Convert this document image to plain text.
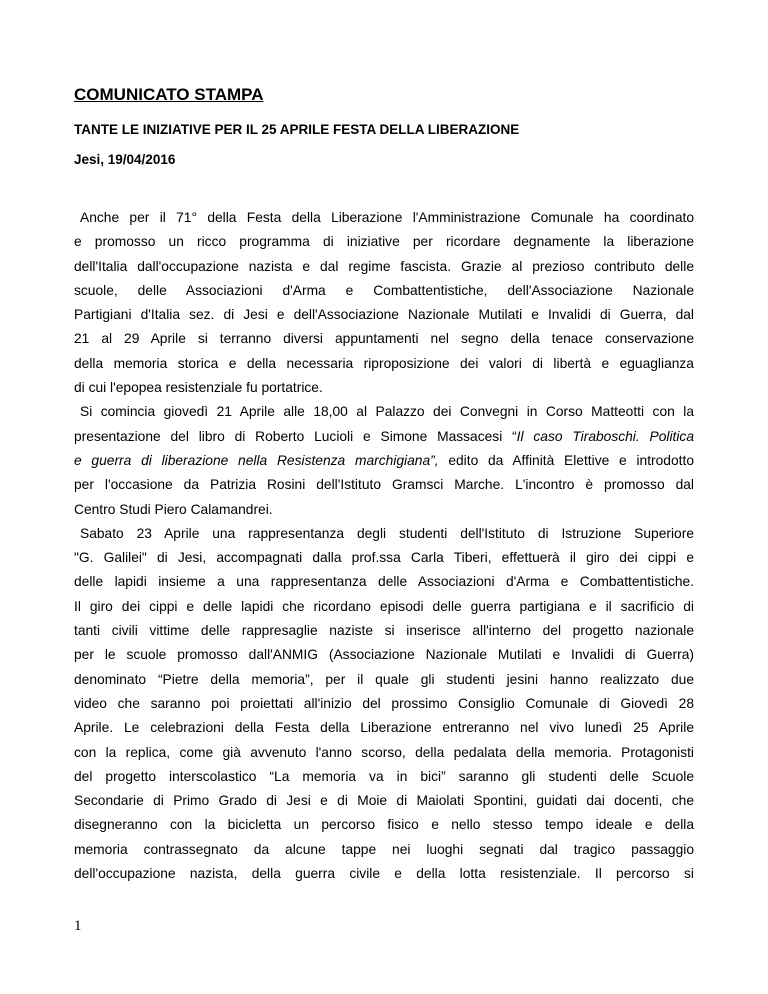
COMUNICATO STAMPA
TANTE LE INIZIATIVE PER IL 25 APRILE FESTA DELLA LIBERAZIONE
Jesi, 19/04/2016
Anche per il 71° della Festa della Liberazione l'Amministrazione Comunale ha coordinato
e promosso un ricco programma di iniziative per ricordare degnamente la liberazione
dell'Italia dall'occupazione nazista e dal regime fascista. Grazie al prezioso contributo delle
scuole, delle Associazioni d'Arma e Combattentistiche, dell'Associazione Nazionale
Partigiani d'Italia sez. di Jesi e dell'Associazione Nazionale Mutilati e Invalidi di Guerra, dal
21 al 29 Aprile si terranno diversi appuntamenti nel segno della tenace conservazione
della memoria storica e della necessaria riproposizione dei valori di libertà e eguaglianza
di cui l'epopea resistenziale fu portatrice.
Si comincia giovedì 21 Aprile alle 18,00 al Palazzo dei Convegni in Corso Matteotti con la
presentazione del libro di Roberto Lucioli e Simone Massacesi “Il caso Tiraboschi. Politica
e guerra di liberazione nella Resistenza marchigiana”, edito da Affinità Elettive e introdotto
per l'occasione da Patrizia Rosini dell'Istituto Gramsci Marche. L'incontro è promosso dal
Centro Studi Piero Calamandrei.
Sabato 23 Aprile una rappresentanza degli studenti dell'Istituto di Istruzione Superiore
"G. Galilei" di Jesi, accompagnati dalla prof.ssa Carla Tiberi, effettuerà il giro dei cippi e
delle lapidi insieme a una rappresentanza delle Associazioni d'Arma e Combattentistiche.
Il giro dei cippi e delle lapidi che ricordano episodi delle guerra partigiana e il sacrificio di
tanti civili vittime delle rappresaglie naziste si inserisce all'interno del progetto nazionale
per le scuole promosso dall'ANMIG (Associazione Nazionale Mutilati e Invalidi di Guerra)
denominato “Pietre della memoria”, per il quale gli studenti jesini hanno realizzato due
video che saranno poi proiettati all'inizio del prossimo Consiglio Comunale di Giovedì 28
Aprile. Le celebrazioni della Festa della Liberazione entreranno nel vivo lunedì 25 Aprile
con la replica, come già avvenuto l'anno scorso, della pedalata della memoria. Protagonisti
del progetto interscolastico “La memoria va in bici” saranno gli studenti delle Scuole
Secondarie di Primo Grado di Jesi e di Moie di Maiolati Spontini, guidati dai docenti, che
disegneranno con la bicicletta un percorso fisico e nello stesso tempo ideale e della
memoria contrassegnato da alcune tappe nei luoghi segnati dal tragico passaggio
dell'occupazione nazista, della guerra civile e della lotta resistenziale. Il percorso si
1
